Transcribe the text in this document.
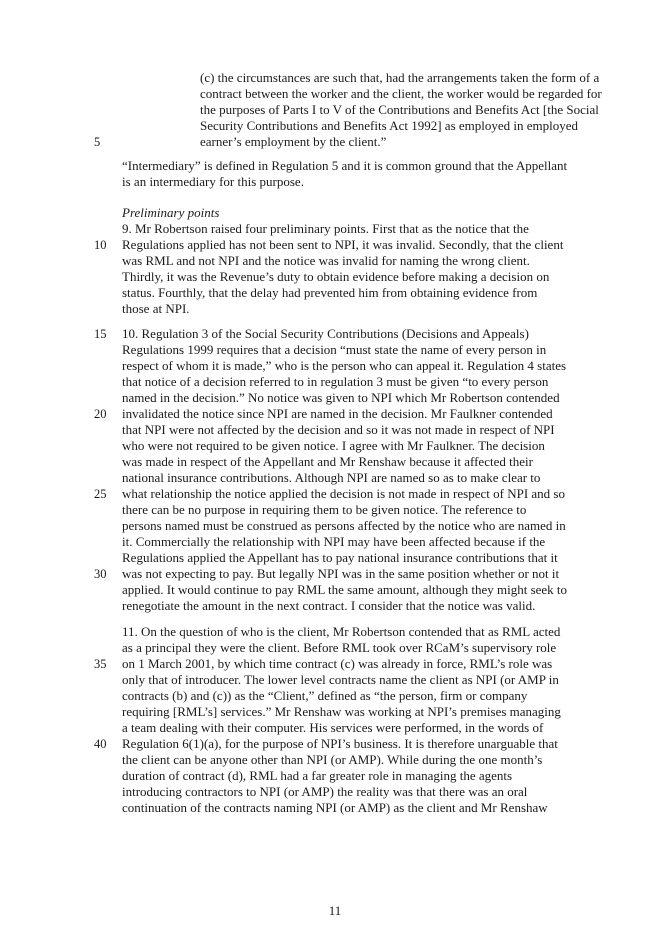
(c) the circumstances are such that, had the arrangements taken the form of a
contract between the worker and the client, the worker would be regarded for
the purposes of Parts I to V of the Contributions and Benefits Act [the Social
Security Contributions and Benefits Act 1992] as employed in employed
earner’s employment by the client.”
“Intermediary” is defined in Regulation 5 and it is common ground that the Appellant
is an intermediary for this purpose.
Preliminary points
9. Mr Robertson raised four preliminary points. First that as the notice that the
Regulations applied has not been sent to NPI, it was invalid. Secondly, that the client
was RML and not NPI and the notice was invalid for naming the wrong client.
Thirdly, it was the Revenue’s duty to obtain evidence before making a decision on
status. Fourthly, that the delay had prevented him from obtaining evidence from
those at NPI.
10. Regulation 3 of the Social Security Contributions (Decisions and Appeals)
Regulations 1999 requires that a decision “must state the name of every person in
respect of whom it is made,” who is the person who can appeal it. Regulation 4 states
that notice of a decision referred to in regulation 3 must be given “to every person
named in the decision.” No notice was given to NPI which Mr Robertson contended
invalidated the notice since NPI are named in the decision. Mr Faulkner contended
that NPI were not affected by the decision and so it was not made in respect of NPI
who were not required to be given notice. I agree with Mr Faulkner. The decision
was made in respect of the Appellant and Mr Renshaw because it affected their
national insurance contributions. Although NPI are named so as to make clear to
what relationship the notice applied the decision is not made in respect of NPI and so
there can be no purpose in requiring them to be given notice. The reference to
persons named must be construed as persons affected by the notice who are named in
it. Commercially the relationship with NPI may have been affected because if the
Regulations applied the Appellant has to pay national insurance contributions that it
was not expecting to pay. But legally NPI was in the same position whether or not it
applied. It would continue to pay RML the same amount, although they might seek to
renegotiate the amount in the next contract. I consider that the notice was valid.
11. On the question of who is the client, Mr Robertson contended that as RML acted
as a principal they were the client. Before RML took over RCaM’s supervisory role
on 1 March 2001, by which time contract (c) was already in force, RML’s role was
only that of introducer. The lower level contracts name the client as NPI (or AMP in
contracts (b) and (c)) as the “Client,” defined as “the person, firm or company
requiring [RML’s] services.” Mr Renshaw was working at NPI’s premises managing
a team dealing with their computer. His services were performed, in the words of
Regulation 6(1)(a), for the purpose of NPI’s business. It is therefore unarguable that
the client can be anyone other than NPI (or AMP). While during the one month’s
duration of contract (d), RML had a far greater role in managing the agents
introducing contractors to NPI (or AMP) the reality was that there was an oral
continuation of the contracts naming NPI (or AMP) as the client and Mr Renshaw
5
10
15
20
25
30
35
40
11
